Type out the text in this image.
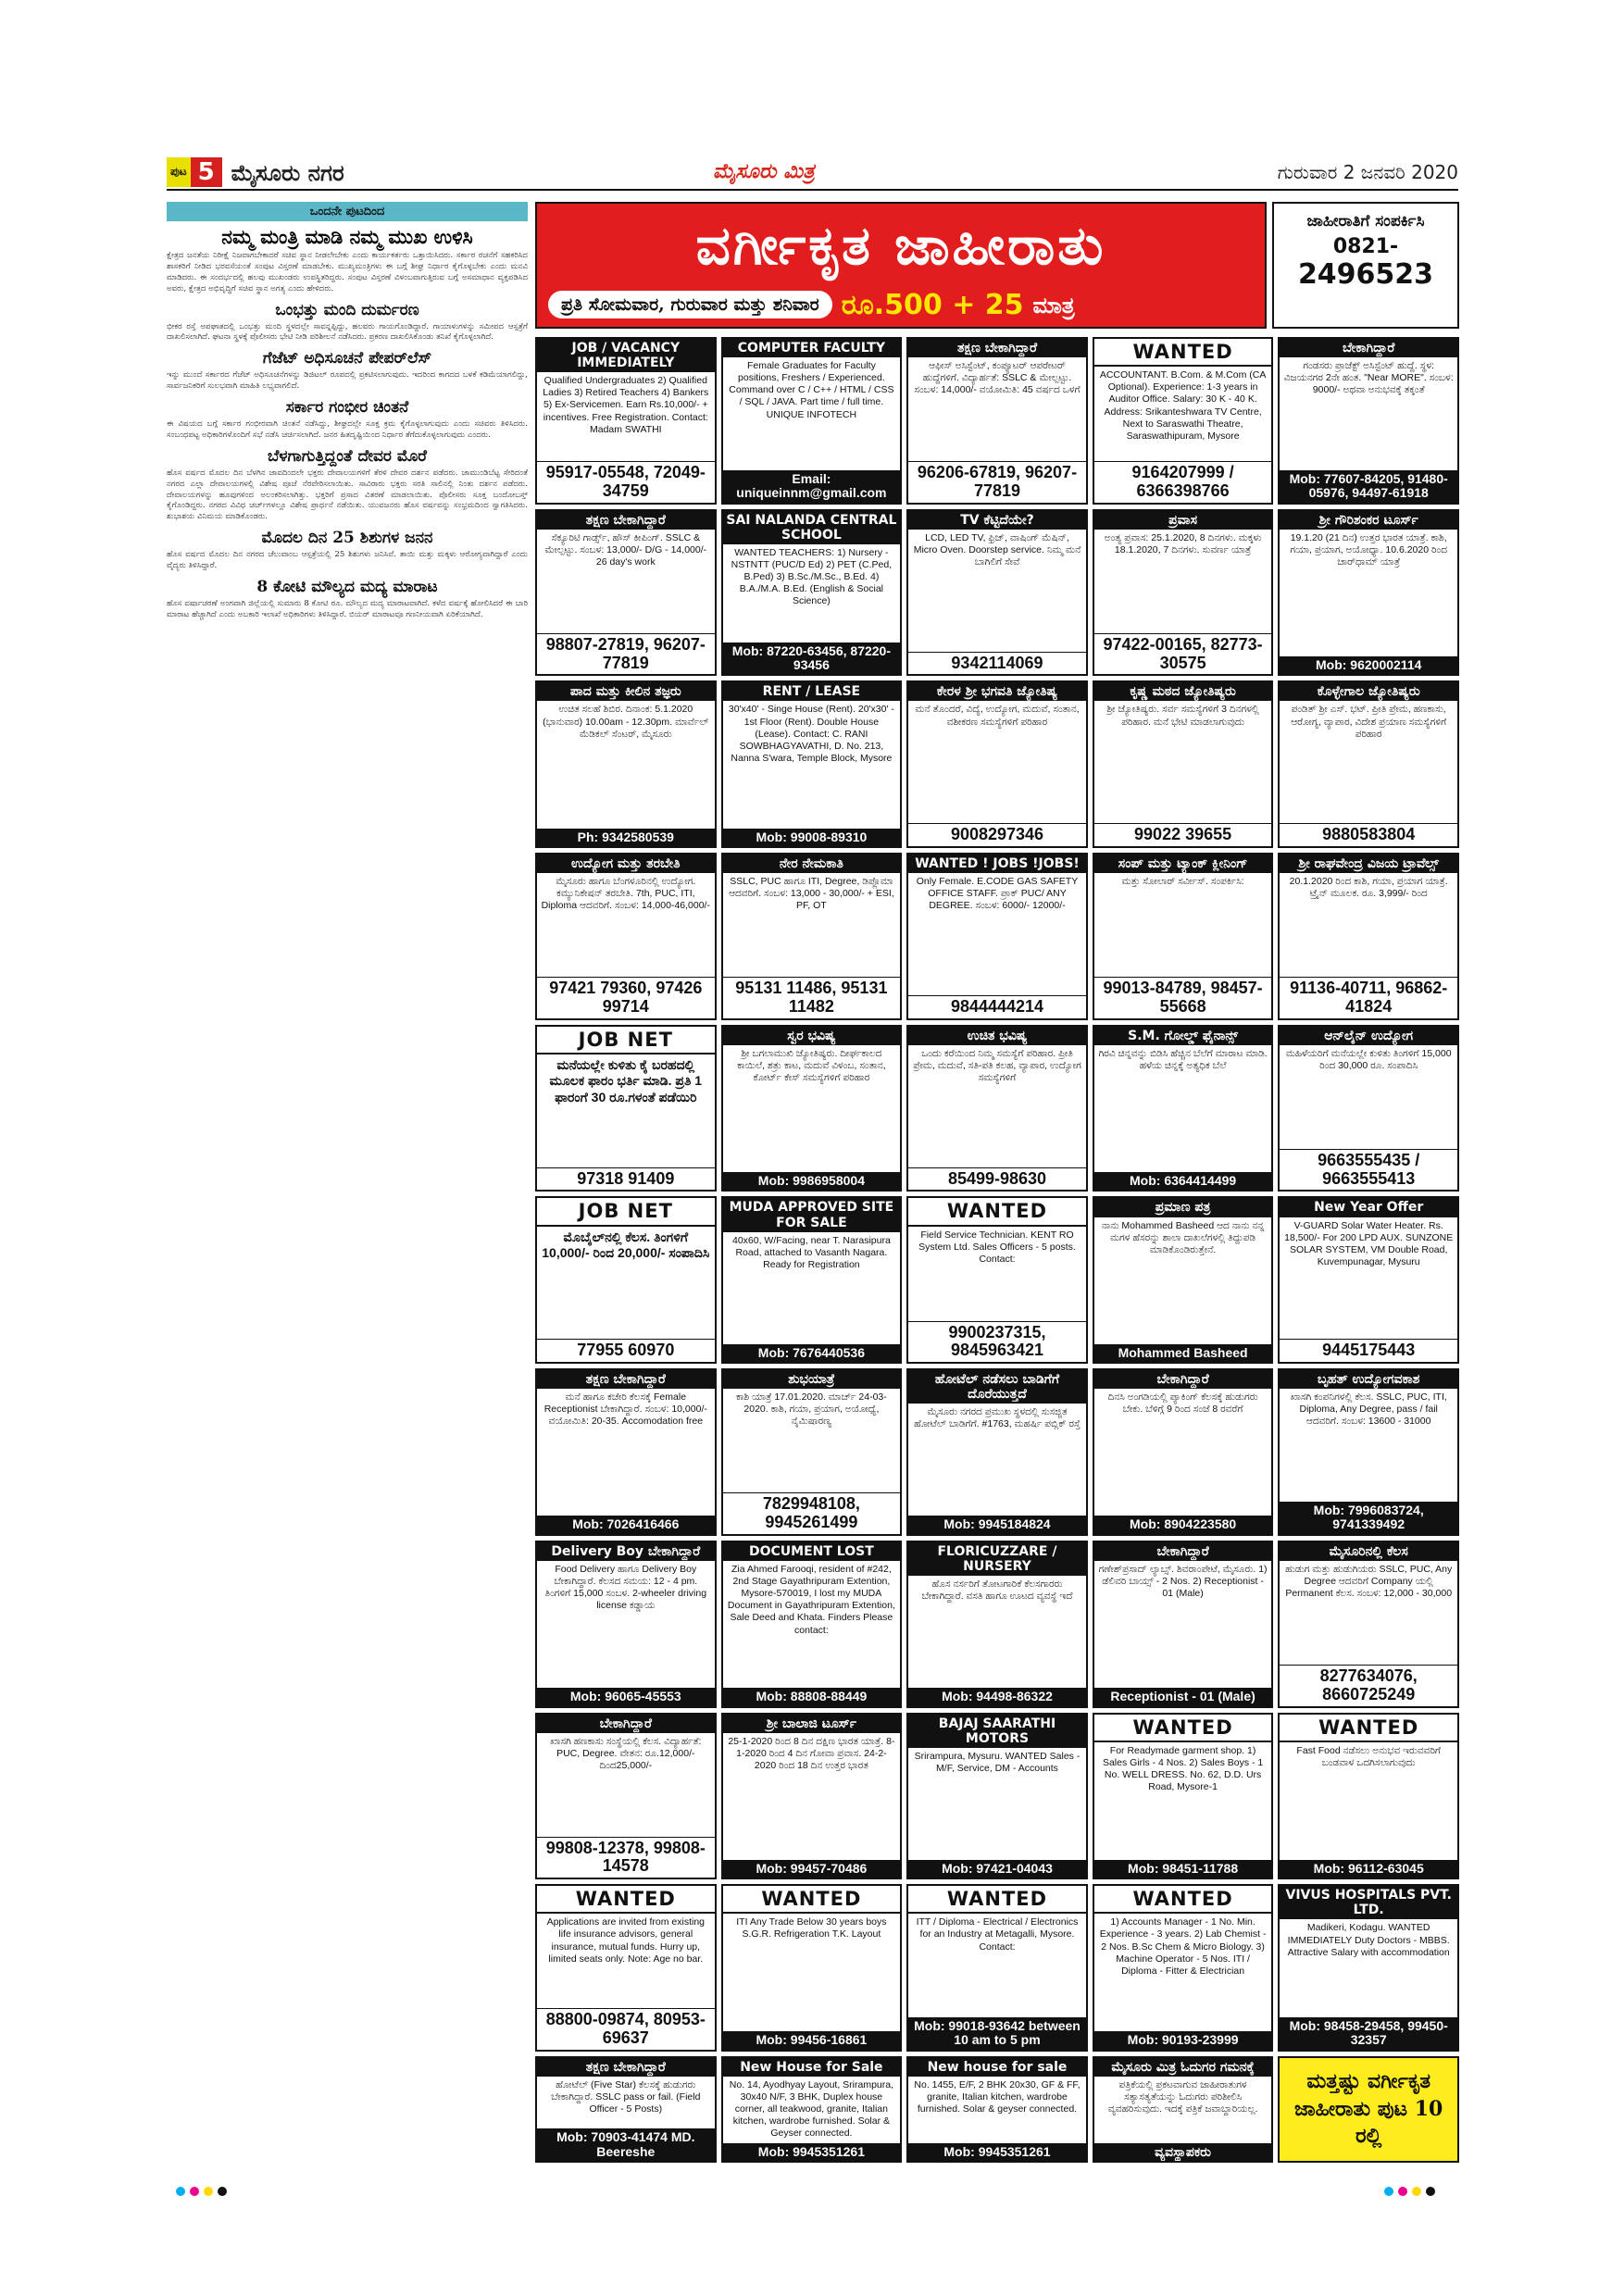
ಪುಟ 5 ಮೈಸೂರು ನಗರ	ಮೈಸೂರು ಮಿತ್ರ	ಗುರುವಾರ 2 ಜನವರಿ 2020
ಒಂದನೇ ಪುಟದಿಂದ
ನಮ್ಮ ಮಂತ್ರಿ ಮಾಡಿ ನಮ್ಮ ಮುಖ ಉಳಿಸಿ
ಕ್ಷೇತ್ರದ ಜನತೆಯ ನಿರೀಕ್ಷೆ ನಿಜವಾಗಬೇಕಾದರೆ ಸಚಿವ ಸ್ಥಾನ ನೀಡಲೇಬೇಕು ಎಂದು ಕಾರ್ಯಕರ್ತರು ಒತ್ತಾಯಿಸಿದರು. ಸರ್ಕಾರ ರಚನೆಗೆ ಸಹಕರಿಸಿದ ಶಾಸಕರಿಗೆ ನೀಡಿದ ಭರವಸೆಯಂತೆ ಸಂಪುಟ ವಿಸ್ತರಣೆ ಮಾಡಬೇಕು. ಮುಖ್ಯಮಂತ್ರಿಗಳು ಈ ಬಗ್ಗೆ ಶೀಘ್ರ ನಿರ್ಧಾರ ಕೈಗೊಳ್ಳಬೇಕು ಎಂದು ಮನವಿ ಮಾಡಿದರು. ಈ ಸಂದರ್ಭದಲ್ಲಿ ಹಲವು ಮುಖಂಡರು ಉಪಸ್ಥಿತರಿದ್ದರು. ಸಂಪುಟ ವಿಸ್ತರಣೆ ವಿಳಂಬವಾಗುತ್ತಿರುವ ಬಗ್ಗೆ ಅಸಮಾಧಾನ ವ್ಯಕ್ತಪಡಿಸಿದ ಅವರು, ಕ್ಷೇತ್ರದ ಅಭಿವೃದ್ಧಿಗೆ ಸಚಿವ ಸ್ಥಾನ ಅಗತ್ಯ ಎಂದು ಹೇಳಿದರು.
ಒಂಭತ್ತು ಮಂದಿ ದುರ್ಮರಣ
ಭೀಕರ ರಸ್ತೆ ಅಪಘಾತದಲ್ಲಿ ಒಂಭತ್ತು ಮಂದಿ ಸ್ಥಳದಲ್ಲೇ ಸಾವನ್ನಪ್ಪಿದ್ದು, ಹಲವರು ಗಾಯಗೊಂಡಿದ್ದಾರೆ. ಗಾಯಾಳುಗಳನ್ನು ಸಮೀಪದ ಆಸ್ಪತ್ರೆಗೆ ದಾಖಲಿಸಲಾಗಿದೆ. ಘಟನಾ ಸ್ಥಳಕ್ಕೆ ಪೊಲೀಸರು ಭೇಟಿ ನೀಡಿ ಪರಿಶೀಲನೆ ನಡೆಸಿದರು. ಪ್ರಕರಣ ದಾಖಲಿಸಿಕೊಂಡು ತನಿಖೆ ಕೈಗೊಳ್ಳಲಾಗಿದೆ.
ಗೆಜೆಟ್ ಅಧಿಸೂಚನೆ ಪೇಪರ್‌ಲೆಸ್
ಇನ್ನು ಮುಂದೆ ಸರ್ಕಾರದ ಗೆಜೆಟ್ ಅಧಿಸೂಚನೆಗಳನ್ನು ಡಿಜಿಟಲ್ ರೂಪದಲ್ಲಿ ಪ್ರಕಟಿಸಲಾಗುವುದು. ಇದರಿಂದ ಕಾಗದದ ಬಳಕೆ ಕಡಿಮೆಯಾಗಲಿದ್ದು, ಸಾರ್ವಜನಿಕರಿಗೆ ಸುಲಭವಾಗಿ ಮಾಹಿತಿ ಲಭ್ಯವಾಗಲಿದೆ.
ಸರ್ಕಾರ ಗಂಭೀರ ಚಿಂತನೆ
ಈ ವಿಷಯದ ಬಗ್ಗೆ ಸರ್ಕಾರ ಗಂಭೀರವಾಗಿ ಚಿಂತನೆ ನಡೆಸಿದ್ದು, ಶೀಘ್ರದಲ್ಲೇ ಸೂಕ್ತ ಕ್ರಮ ಕೈಗೊಳ್ಳಲಾಗುವುದು ಎಂದು ಸಚಿವರು ತಿಳಿಸಿದರು. ಸಂಬಂಧಪಟ್ಟ ಅಧಿಕಾರಿಗಳೊಂದಿಗೆ ಸಭೆ ನಡೆಸಿ ಚರ್ಚಿಸಲಾಗಿದೆ. ಜನರ ಹಿತದೃಷ್ಟಿಯಿಂದ ನಿರ್ಧಾರ ತೆಗೆದುಕೊಳ್ಳಲಾಗುವುದು ಎಂದರು.
ಬೆಳಗಾಗುತ್ತಿದ್ದಂತೆ ದೇವರ ಮೊರೆ
ಹೊಸ ವರ್ಷದ ಮೊದಲ ದಿನ ಬೆಳಗಿನ ಜಾವದಿಂದಲೇ ಭಕ್ತರು ದೇವಾಲಯಗಳಿಗೆ ತೆರಳಿ ದೇವರ ದರ್ಶನ ಪಡೆದರು. ಚಾಮುಂಡಿಬೆಟ್ಟ ಸೇರಿದಂತೆ ನಗರದ ಎಲ್ಲಾ ದೇವಾಲಯಗಳಲ್ಲಿ ವಿಶೇಷ ಪೂಜೆ ನೆರವೇರಿಸಲಾಯಿತು. ಸಾವಿರಾರು ಭಕ್ತರು ಸರತಿ ಸಾಲಿನಲ್ಲಿ ನಿಂತು ದರ್ಶನ ಪಡೆದರು. ದೇವಾಲಯಗಳನ್ನು ಹೂವುಗಳಿಂದ ಅಲಂಕರಿಸಲಾಗಿತ್ತು. ಭಕ್ತರಿಗೆ ಪ್ರಸಾದ ವಿತರಣೆ ಮಾಡಲಾಯಿತು. ಪೊಲೀಸರು ಸೂಕ್ತ ಬಂದೋಬಸ್ತ್ ಕೈಗೊಂಡಿದ್ದರು. ನಗರದ ವಿವಿಧ ಚರ್ಚ್‌ಗಳಲ್ಲೂ ವಿಶೇಷ ಪ್ರಾರ್ಥನೆ ನಡೆಯಿತು. ಯುವಜನರು ಹೊಸ ವರ್ಷವನ್ನು ಸಂಭ್ರಮದಿಂದ ಸ್ವಾಗತಿಸಿದರು. ಶುಭಾಶಯ ವಿನಿಮಯ ಮಾಡಿಕೊಂಡರು.
ಮೊದಲ ದಿನ 25 ಶಿಶುಗಳ ಜನನ
ಹೊಸ ವರ್ಷದ ಮೊದಲ ದಿನ ನಗರದ ಚೆಲುವಾಂಬ ಆಸ್ಪತ್ರೆಯಲ್ಲಿ 25 ಶಿಶುಗಳು ಜನಿಸಿವೆ. ತಾಯಿ ಮತ್ತು ಮಕ್ಕಳು ಆರೋಗ್ಯವಾಗಿದ್ದಾರೆ ಎಂದು ವೈದ್ಯರು ತಿಳಿಸಿದ್ದಾರೆ.
8 ಕೋಟಿ ಮೌಲ್ಯದ ಮದ್ಯ ಮಾರಾಟ
ಹೊಸ ವರ್ಷಾಚರಣೆ ಅಂಗವಾಗಿ ಜಿಲ್ಲೆಯಲ್ಲಿ ಸುಮಾರು 8 ಕೋಟಿ ರೂ. ಮೌಲ್ಯದ ಮದ್ಯ ಮಾರಾಟವಾಗಿದೆ. ಕಳೆದ ವರ್ಷಕ್ಕೆ ಹೋಲಿಸಿದರೆ ಈ ಬಾರಿ ಮಾರಾಟ ಹೆಚ್ಚಾಗಿದೆ ಎಂದು ಅಬಕಾರಿ ಇಲಾಖೆ ಅಧಿಕಾರಿಗಳು ತಿಳಿಸಿದ್ದಾರೆ. ಬಿಯರ್ ಮಾರಾಟವೂ ಗಣನೀಯವಾಗಿ ಏರಿಕೆಯಾಗಿದೆ.
ವರ್ಗೀಕೃತ ಜಾಹೀರಾತು
ಪ್ರತಿ ಸೋಮವಾರ, ಗುರುವಾರ ಮತ್ತು ಶನಿವಾರ ರೂ.500 + 25 ಮಾತ್ರ
ಜಾಹೀರಾತಿಗೆ ಸಂಪರ್ಕಿಸಿ
0821-
2496523
JOB / VACANCY IMMEDIATELY
Qualified Undergraduates 2) Qualified Ladies 3) Retired Teachers 4) Bankers 5) Ex-Servicemen. Earn Rs.10,000/- + incentives. Free Registration. Contact: Madam SWATHI
95917-05548, 72049-34759
COMPUTER FACULTY
Female Graduates for Faculty positions, Freshers / Experienced. Command over C / C++ / HTML / CSS / SQL / JAVA. Part time / full time. UNIQUE INFOTECH
Email: uniqueinnm@gmail.com
ತಕ್ಷಣ ಬೇಕಾಗಿದ್ದಾರೆ
ಆಫೀಸ್ ಅಸಿಸ್ಟೆಂಟ್, ಕಂಪ್ಯೂಟರ್ ಆಪರೇಟರ್ ಹುದ್ದೆಗಳಿಗೆ. ವಿದ್ಯಾರ್ಹತೆ: SSLC & ಮೇಲ್ಪಟ್ಟು. ಸಂಬಳ: 14,000/- ವಯೋಮಿತಿ: 45 ವರ್ಷದ ಒಳಗೆ
96206-67819, 96207-77819
WANTED
ACCOUNTANT. B.Com. & M.Com (CA Optional). Experience: 1-3 years in Auditor Office. Salary: 30 K - 40 K. Address: Srikanteshwara TV Centre, Next to Saraswathi Theatre, Saraswathipuram, Mysore
9164207999 / 6366398766
ಬೇಕಾಗಿದ್ದಾರೆ
ಗಂಡಸರು ಪ್ರಾಜೆಕ್ಟ್ ಅಸಿಸ್ಟೆಂಟ್ ಹುದ್ದೆ. ಸ್ಥಳ: ವಿಜಯನಗರ 2ನೇ ಹಂತ. "Near MORE". ಸಂಬಳ: 9000/- ಅಥವಾ ಅನುಭವಕ್ಕೆ ತಕ್ಕಂತೆ
Mob: 77607-84205, 91480-05976, 94497-61918
ತಕ್ಷಣ ಬೇಕಾಗಿದ್ದಾರೆ
ಸೆಕ್ಯೂರಿಟಿ ಗಾರ್ಡ್ಸ್, ಹೌಸ್ ಕೀಪಿಂಗ್. SSLC & ಮೇಲ್ಪಟ್ಟು. ಸಂಬಳ: 13,000/- D/G - 14,000/- 26 day's work
98807-27819, 96207-77819
SAI NALANDA CENTRAL SCHOOL
WANTED TEACHERS: 1) Nursery - NSTNTT (PUC/D Ed) 2) PET (C.Ped, B.Ped) 3) B.Sc./M.Sc., B.Ed. 4) B.A./M.A. B.Ed. (English & Social Science)
Mob: 87220-63456, 87220-93456
TV ಕೆಟ್ಟಿದೆಯೇ?
LCD, LED TV, ಫ್ರಿಜ್, ವಾಷಿಂಗ್ ಮೆಷಿನ್, Micro Oven. Doorstep service. ನಿಮ್ಮ ಮನೆ ಬಾಗಿಲಿಗೆ ಸೇವೆ
9342114069
ಪ್ರವಾಸ
ಅಂತ್ಯ ಪ್ರವಾಸ: 25.1.2020, 8 ದಿನಗಳು. ಮಕ್ಕಳು 18.1.2020, 7 ದಿನಗಳು. ಸುವರ್ಣ ಯಾತ್ರೆ
97422-00165, 82773-30575
ಶ್ರೀ ಗೌರಿಶಂಕರ ಟೂರ್ಸ್
19.1.20 (21 ದಿನ) ಉತ್ತರ ಭಾರತ ಯಾತ್ರೆ. ಕಾಶಿ, ಗಯಾ, ಪ್ರಯಾಗ, ಅಯೋಧ್ಯಾ. 10.6.2020 ರಿಂದ ಚಾರ್‌ಧಾಮ್ ಯಾತ್ರೆ
Mob: 9620002114
ಪಾದ ಮತ್ತು ಕೀಲಿನ ತಜ್ಞರು
ಉಚಿತ ಸಲಹೆ ಶಿಬಿರ. ದಿನಾಂಕ: 5.1.2020 (ಭಾನುವಾರ) 10.00am - 12.30pm. ಮಾರ್ವೆಲ್ ಮೆಡಿಕಲ್ ಸೆಂಟರ್, ಮೈಸೂರು
Ph: 9342580539
RENT / LEASE
30'x40' - Singe House (Rent). 20'x30' - 1st Floor (Rent). Double House (Lease). Contact: C. RANI SOWBHAGYAVATHI, D. No. 213, Nanna S'wara, Temple Block, Mysore
Mob: 99008-89310
ಕೇರಳ ಶ್ರೀ ಭಗವತಿ ಜ್ಯೋತಿಷ್ಯ
ಮನೆ ತೊಂದರೆ, ವಿದ್ಯೆ, ಉದ್ಯೋಗ, ಮದುವೆ, ಸಂತಾನ, ವಶೀಕರಣ ಸಮಸ್ಯೆಗಳಿಗೆ ಪರಿಹಾರ
9008297346
ಕೃಷ್ಣ ಮಠದ ಜ್ಯೋತಿಷ್ಯರು
ಶ್ರೀ ಜ್ಯೋತಿಷ್ಯರು. ಸರ್ವ ಸಮಸ್ಯೆಗಳಿಗೆ 3 ದಿನಗಳಲ್ಲಿ ಪರಿಹಾರ. ಮನೆ ಭೇಟಿ ಮಾಡಲಾಗುವುದು
99022 39655
ಕೊಳ್ಳೇಗಾಲ ಜ್ಯೋತಿಷ್ಯರು
ಪಂಡಿತ್ ಶ್ರೀ ಎಸ್. ಭಟ್. ಪ್ರೀತಿ ಪ್ರೇಮ, ಹಣಕಾಸು, ಆರೋಗ್ಯ, ವ್ಯಾಪಾರ, ವಿದೇಶ ಪ್ರಯಾಣ ಸಮಸ್ಯೆಗಳಿಗೆ ಪರಿಹಾರ
9880583804
ಉದ್ಯೋಗ ಮತ್ತು ತರಬೇತಿ
ಮೈಸೂರು ಹಾಗೂ ಬೆಂಗಳೂರಿನಲ್ಲಿ ಉದ್ಯೋಗ. ಕಮ್ಯುನಿಕೇಷನ್ ತರಬೇತಿ. 7th, PUC, ITI, Diploma ಆದವರಿಗೆ. ಸಂಬಳ: 14,000-46,000/-
97421 79360, 97426 99714
ನೇರ ನೇಮಕಾತಿ
SSLC, PUC ಹಾಗೂ ITI, Degree, ಡಿಪ್ಲೊಮಾ ಆದವರಿಗೆ. ಸಂಬಳ: 13,000 - 30,000/- + ESI, PF, OT
95131 11486, 95131 11482
WANTED ! JOBS !JOBS!
Only Female. E.CODE GAS SAFETY OFFICE STAFF. ಪ್ರಾಕ್ PUC/ ANY DEGREE. ಸಂಬಳ: 6000/- 12000/-
9844444214
ಸಂಪ್ ಮತ್ತು ಟ್ಯಾಂಕ್ ಕ್ಲೀನಿಂಗ್
ಮತ್ತು ಸೋಲಾರ್ ಸರ್ವೀಸ್. ಸಂಪರ್ಕಿಸಿ:
99013-84789, 98457-55668
ಶ್ರೀ ರಾಘವೇಂದ್ರ ವಿಜಯ ಟ್ರಾವೆಲ್ಸ್
20.1.2020 ರಿಂದ ಕಾಶಿ, ಗಯಾ, ಪ್ರಯಾಗ ಯಾತ್ರೆ. ಟ್ರೈನ್ ಮೂಲಕ. ರೂ. 3,999/- ರಿಂದ
91136-40711, 96862-41824
JOB NET
ಮನೆಯಲ್ಲೇ ಕುಳಿತು ಕೈ ಬರಹದಲ್ಲಿ ಮೂಲಕ ಫಾರಂ ಭರ್ತಿ ಮಾಡಿ. ಪ್ರತಿ 1 ಫಾರಂಗೆ 30 ರೂ.ಗಳಂತೆ ಪಡೆಯಿರಿ
97318 91409
ಸ್ವರ ಭವಿಷ್ಯ
ಶ್ರೀ ಬಗಲಾಮುಖಿ ಜ್ಯೋತಿಷ್ಯರು. ದೀರ್ಘಕಾಲದ ಕಾಯಿಲೆ, ಶತ್ರು ಕಾಟ, ಮದುವೆ ವಿಳಂಬ, ಸಂತಾನ, ಕೋರ್ಟ್ ಕೇಸ್ ಸಮಸ್ಯೆಗಳಿಗೆ ಪರಿಹಾರ
Mob: 9986958004
ಉಚಿತ ಭವಿಷ್ಯ
ಒಂದು ಕರೆಯಿಂದ ನಿಮ್ಮ ಸಮಸ್ಯೆಗೆ ಪರಿಹಾರ. ಪ್ರೀತಿ ಪ್ರೇಮ, ಮದುವೆ, ಸತಿ-ಪತಿ ಕಲಹ, ವ್ಯಾಪಾರ, ಉದ್ಯೋಗ ಸಮಸ್ಯೆಗಳಿಗೆ
85499-98630
S.M. ಗೋಲ್ಡ್ ಫೈನಾನ್ಸ್
ಗಿರವಿ ಚಿನ್ನವನ್ನು ಬಿಡಿಸಿ ಹೆಚ್ಚಿನ ಬೆಲೆಗೆ ಮಾರಾಟ ಮಾಡಿ. ಹಳೆಯ ಚಿನ್ನಕ್ಕೆ ಅತ್ಯಧಿಕ ಬೆಲೆ
Mob: 6364414499
ಆನ್‌ಲೈನ್ ಉದ್ಯೋಗ
ಮಹಿಳೆಯರಿಗೆ ಮನೆಯಲ್ಲೇ ಕುಳಿತು ತಿಂಗಳಿಗೆ 15,000 ರಿಂದ 30,000 ರೂ. ಸಂಪಾದಿಸಿ
9663555435 / 9663555413
JOB NET
ಮೊಬೈಲ್‌ನಲ್ಲಿ ಕೆಲಸ. ತಿಂಗಳಿಗೆ 10,000/- ರಿಂದ 20,000/- ಸಂಪಾದಿಸಿ
77955 60970
MUDA APPROVED SITE FOR SALE
40x60, W/Facing, near T. Narasipura Road, attached to Vasanth Nagara. Ready for Registration
Mob: 7676440536
WANTED
Field Service Technician. KENT RO System Ltd. Sales Officers - 5 posts. Contact:
9900237315, 9845963421
ಪ್ರಮಾಣ ಪತ್ರ
ನಾನು Mohammed Basheed ಆದ ನಾನು ನನ್ನ ಮಗಳ ಹೆಸರನ್ನು ಶಾಲಾ ದಾಖಲೆಗಳಲ್ಲಿ ತಿದ್ದುಪಡಿ ಮಾಡಿಕೊಂಡಿರುತ್ತೇನೆ.
Mohammed Basheed
New Year Offer
V-GUARD Solar Water Heater. Rs. 18,500/- For 200 LPD AUX. SUNZONE SOLAR SYSTEM, VM Double Road, Kuvempunagar, Mysuru
9445175443
ತಕ್ಷಣ ಬೇಕಾಗಿದ್ದಾರೆ
ಮನೆ ಹಾಗೂ ಕಚೇರಿ ಕೆಲಸಕ್ಕೆ Female Receptionist ಬೇಕಾಗಿದ್ದಾರೆ. ಸಂಬಳ: 10,000/- ವಯೋಮಿತಿ: 20-35. Accomodation free
Mob: 7026416466
ಶುಭಯಾತ್ರೆ
ಕಾಶಿ ಯಾತ್ರೆ 17.01.2020. ಮಾರ್ಚ್ 24-03-2020. ಕಾಶಿ, ಗಯಾ, ಪ್ರಯಾಗ, ಅಯೋಧ್ಯೆ, ನೈಮಿಷಾರಣ್ಯ
7829948108, 9945261499
ಹೋಟೆಲ್ ನಡೆಸಲು ಬಾಡಿಗೆಗೆ ದೊರೆಯುತ್ತದೆ
ಮೈಸೂರು ನಗರದ ಪ್ರಮುಖ ಸ್ಥಳದಲ್ಲಿ ಸುಸಜ್ಜಿತ ಹೋಟೆಲ್ ಬಾಡಿಗೆಗೆ. #1763, ಮಹರ್ಷಿ ಪಬ್ಲಿಕ್ ರಸ್ತೆ
Mob: 9945184824
ಬೇಕಾಗಿದ್ದಾರೆ
ದಿನಸಿ ಅಂಗಡಿಯಲ್ಲಿ ಪ್ಯಾಕಿಂಗ್ ಕೆಲಸಕ್ಕೆ ಹುಡುಗರು ಬೇಕು. ಬೆಳಿಗ್ಗೆ 9 ರಿಂದ ಸಂಜೆ 8 ರವರೆಗೆ
Mob: 8904223580
ಬೃಹತ್ ಉದ್ಯೋಗವಕಾಶ
ಖಾಸಗಿ ಕಂಪನಿಗಳಲ್ಲಿ ಕೆಲಸ. SSLC, PUC, ITI, Diploma, Any Degree, pass / fail ಆದವರಿಗೆ. ಸಂಬಳ: 13600 - 31000
Mob: 7996083724, 9741339492
Delivery Boy ಬೇಕಾಗಿದ್ದಾರೆ
Food Delivery ಹಾಗೂ Delivery Boy ಬೇಕಾಗಿದ್ದಾರೆ. ಕೆಲಸದ ಸಮಯ: 12 - 4 pm. ತಿಂಗಳಿಗೆ 15,000 ಸಂಬಳ. 2-wheeler driving license ಕಡ್ಡಾಯ
Mob: 96065-45553
DOCUMENT LOST
Zia Ahmed Farooqi, resident of #242, 2nd Stage Gayathripuram Extention, Mysore-570019, I lost my MUDA Document in Gayathripuram Extention, Sale Deed and Khata. Finders Please contact:
Mob: 88808-88449
FLORICUZZARE / NURSERY
ಹೊಸ ನರ್ಸರಿಗೆ ತೋಟಗಾರಿಕೆ ಕೆಲಸಗಾರರು ಬೇಕಾಗಿದ್ದಾರೆ. ವಸತಿ ಹಾಗೂ ಊಟದ ವ್ಯವಸ್ಥೆ ಇದೆ
Mob: 94498-86322
ಬೇಕಾಗಿದ್ದಾರೆ
ಗಣೇಶ್‌ಪ್ರಸಾದ್ ಲ್ಯಾಬ್ಸ್. ಶಿವರಾಂಪೇಟೆ, ಮೈಸೂರು. 1) ಡೆಲಿವರಿ ಬಾಯ್ಸ್ - 2 Nos. 2) Receptionist - 01 (Male)
Receptionist - 01 (Male)
ಮೈಸೂರಿನಲ್ಲಿ ಕೆಲಸ
ಹುಡುಗ ಮತ್ತು ಹುಡುಗಿಯರು SSLC, PUC, Any Degree ಆದವರಿಗೆ Company ಯಲ್ಲಿ Permanent ಕೆಲಸ. ಸಂಬಳ: 12,000 - 30,000
8277634076, 8660725249
ಬೇಕಾಗಿದ್ದಾರೆ
ಖಾಸಗಿ ಹಣಕಾಸು ಸಂಸ್ಥೆಯಲ್ಲಿ ಕೆಲಸ. ವಿದ್ಯಾರ್ಹತೆ: PUC, Degree. ವೇತನ: ರೂ.12,000/-ದಿಂದ25,000/-
99808-12378, 99808-14578
ಶ್ರೀ ಬಾಲಾಜಿ ಟೂರ್ಸ್
25-1-2020 ರಿಂದ 8 ದಿನ ದಕ್ಷಿಣ ಭಾರತ ಯಾತ್ರೆ. 8-1-2020 ರಿಂದ 4 ದಿನ ಗೋವಾ ಪ್ರವಾಸ. 24-2-2020 ರಿಂದ 18 ದಿನ ಉತ್ತರ ಭಾರತ
Mob: 99457-70486
BAJAJ SAARATHI MOTORS
Srirampura, Mysuru. WANTED Sales - M/F, Service, DM - Accounts
Mob: 97421-04043
WANTED
For Readymade garment shop. 1) Sales Girls - 4 Nos. 2) Sales Boys - 1 No. WELL DRESS. No. 62, D.D. Urs Road, Mysore-1
Mob: 98451-11788
WANTED
Fast Food ನಡೆಸಲು ಅನುಭವ ಇರುವವರಿಗೆ ಬಂಡವಾಳ ಒದಗಿಸಲಾಗುವುದು
Mob: 96112-63045
WANTED
Applications are invited from existing life insurance advisors, general insurance, mutual funds. Hurry up, limited seats only. Note: Age no bar.
88800-09874, 80953-69637
WANTED
ITI Any Trade Below 30 years boys S.G.R. Refrigeration T.K. Layout
Mob: 99456-16861
WANTED
ITT / Diploma - Electrical / Electronics for an Industry at Metagalli, Mysore. Contact:
Mob: 99018-93642 between 10 am to 5 pm
WANTED
1) Accounts Manager - 1 No. Min. Experience - 3 years. 2) Lab Chemist - 2 Nos. B.Sc Chem & Micro Biology. 3) Machine Operator - 5 Nos. ITI / Diploma - Fitter & Electrician
Mob: 90193-23999
VIVUS HOSPITALS PVT. LTD.
Madikeri, Kodagu. WANTED IMMEDIATELY Duty Doctors - MBBS. Attractive Salary with accommodation
Mob: 98458-29458, 99450-32357
ತಕ್ಷಣ ಬೇಕಾಗಿದ್ದಾರೆ
ಹೋಟೆಲ್ (Five Star) ಕೆಲಸಕ್ಕೆ ಹುಡುಗರು ಬೇಕಾಗಿದ್ದಾರೆ. SSLC pass or fail. (Field Officer - 5 Posts)
Mob: 70903-41474 MD. Beereshe
New House for Sale
No. 14, Ayodhyay Layout, Srirampura, 30x40 N/F, 3 BHK, Duplex house corner, all teakwood, granite, Italian kitchen, wardrobe furnished. Solar & Geyser connected.
Mob: 9945351261
New house for sale
No. 1455, E/F, 2 BHK 20x30, GF & FF, granite, Italian kitchen, wardrobe furnished. Solar & geyser connected.
Mob: 9945351261
ಮೈಸೂರು ಮಿತ್ರ ಓದುಗರ ಗಮನಕ್ಕೆ
ಪತ್ರಿಕೆಯಲ್ಲಿ ಪ್ರಕಟವಾಗುವ ಜಾಹೀರಾತುಗಳ ಸತ್ಯಾಸತ್ಯತೆಯನ್ನು ಓದುಗರು ಪರಿಶೀಲಿಸಿ ವ್ಯವಹರಿಸುವುದು. ಇದಕ್ಕೆ ಪತ್ರಿಕೆ ಜವಾಬ್ದಾರಿಯಲ್ಲ.
ವ್ಯವಸ್ಥಾಪಕರು
ಮತ್ತಷ್ಟು ವರ್ಗೀಕೃತ ಜಾಹೀರಾತು ಪುಟ 10 ರಲ್ಲಿ
